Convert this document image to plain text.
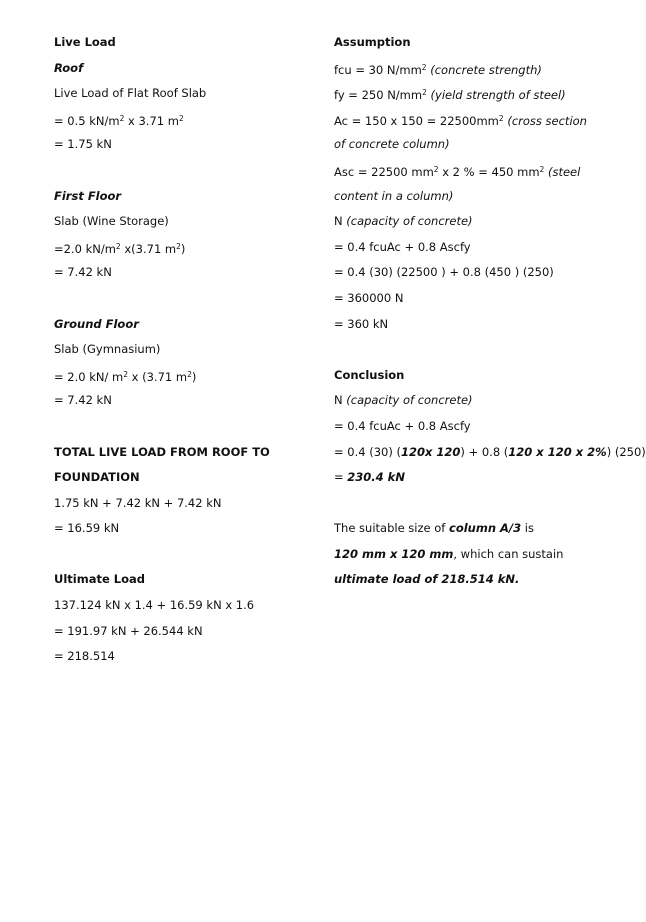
Live Load
Roof
Live Load of Flat Roof Slab
= 0.5 $kN/m^2$ x 3.71 $m^2$
= 1.75 kN
First Floor
Slab (Wine Storage)
=2.0 $kN/m^2$ x(3.71 $m^2$)
= 7.42 kN
Ground Floor
Slab (Gymnasium)
= 2.0 kN/ $m^2$ x (3.71 $m^2$)
= 7.42 kN
TOTAL LIVE LOAD FROM ROOF TO
FOUNDATION
1.75 kN + 7.42 kN + 7.42 kN
= 16.59 kN
Ultimate Load
137.124 kN x 1.4 + 16.59 kN x 1.6
= 191.97 kN + 26.544 kN
= 218.514
Assumption
fcu = 30 $N/mm^2$ (concrete strength)
fy = 250 $N/mm^2$ (yield strength of steel)
Ac = 150 x $150 = 22500mm^2$ (cross section
of concrete column)
Asc = 22500 $mm^2$ x 2 % = 450 $mm^2$ (steel
content in a column)
N (capacity of concrete)
= 0.4 fcuAc + 0.8 Ascfy
= 0.4 (30) (22500 ) + 0.8 (450 ) (250)
= 360000 N
= 360 kN
Conclusion
N (capacity of concrete)
= 0.4 fcuAc + 0.8 Ascfy
= 0.4 (30) (120x 120) + 0.8 (120 x 120 x 2%) (250)
= 230.4 kN
The suitable size of column A/3 is
120 mm x 120 mm, which can sustain
ultimate load of 218.514 kN.
